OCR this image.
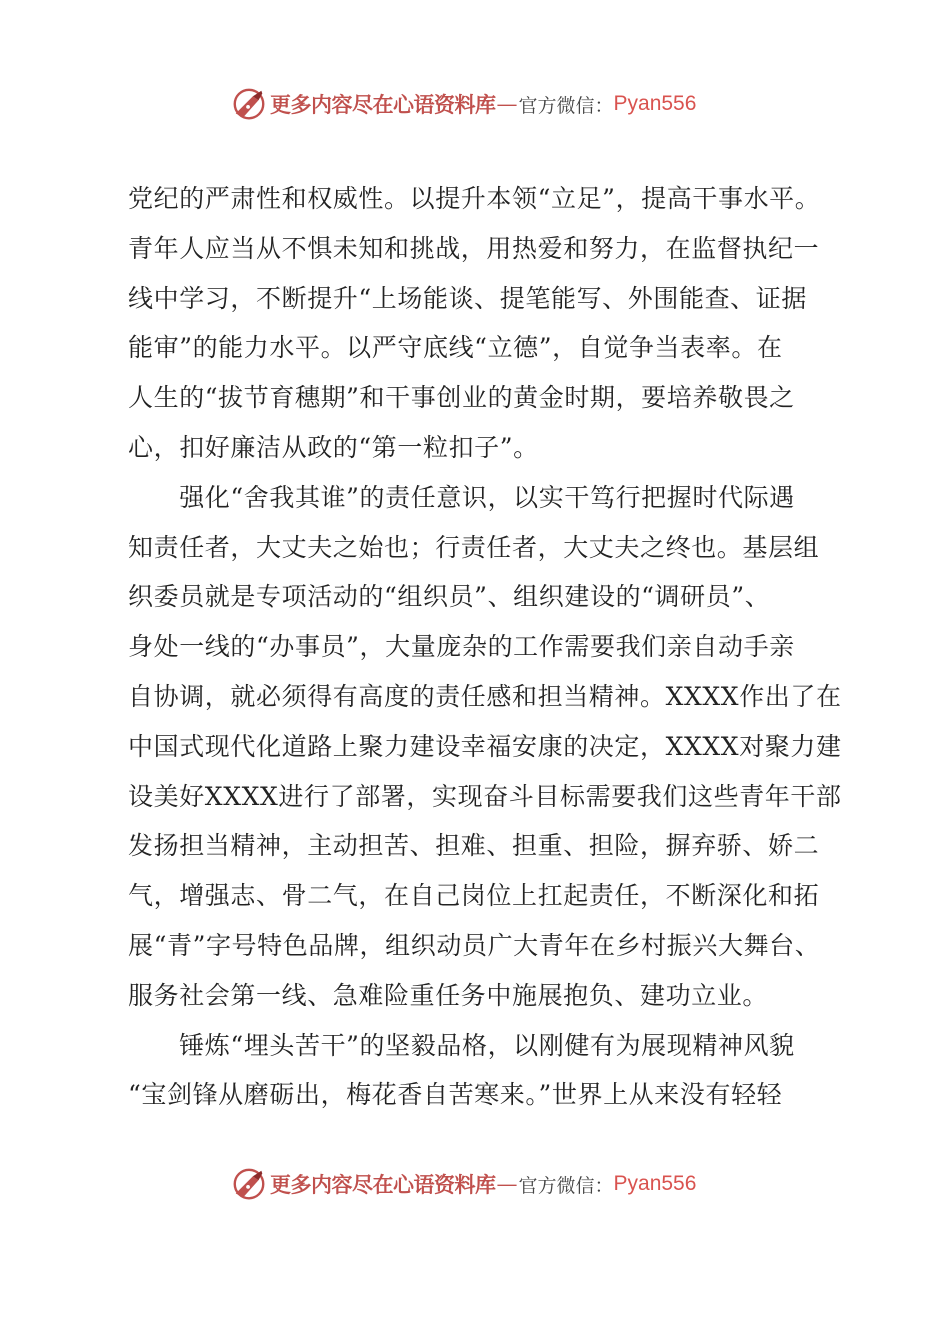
更多内容尽在心语资料库 — 官方微信： Pyan556
党纪的严肃性和权威性。以提升本领“立足”，提高干事水平。
青年人应当从不惧未知和挑战，用热爱和努力，在监督执纪一
线中学习，不断提升“上场能谈、提笔能写、外围能查、证据
能审”的能力水平。以严守底线“立德”，自觉争当表率。在
人生的“拔节育穗期”和干事创业的黄金时期，要培养敬畏之
心，扣好廉洁从政的“第一粒扣子”。
　　强化“舍我其谁”的责任意识，以实干笃行把握时代际遇
知责任者，大丈夫之始也；行责任者，大丈夫之终也。基层组
织委员就是专项活动的“组织员”、组织建设的“调研员”、
身处一线的“办事员”，大量庞杂的工作需要我们亲自动手亲
自协调，就必须得有高度的责任感和担当精神。XXXX作出了在
中国式现代化道路上聚力建设幸福安康的决定，XXXX对聚力建
设美好XXXX进行了部署，实现奋斗目标需要我们这些青年干部
发扬担当精神，主动担苦、担难、担重、担险，摒弃骄、娇二
气，增强志、骨二气，在自己岗位上扛起责任，不断深化和拓
展“青”字号特色品牌，组织动员广大青年在乡村振兴大舞台、
服务社会第一线、急难险重任务中施展抱负、建功立业。
　　锤炼“埋头苦干”的坚毅品格，以刚健有为展现精神风貌
“宝剑锋从磨砺出，梅花香自苦寒来。”世界上从来没有轻轻
更多内容尽在心语资料库 — 官方微信： Pyan556
